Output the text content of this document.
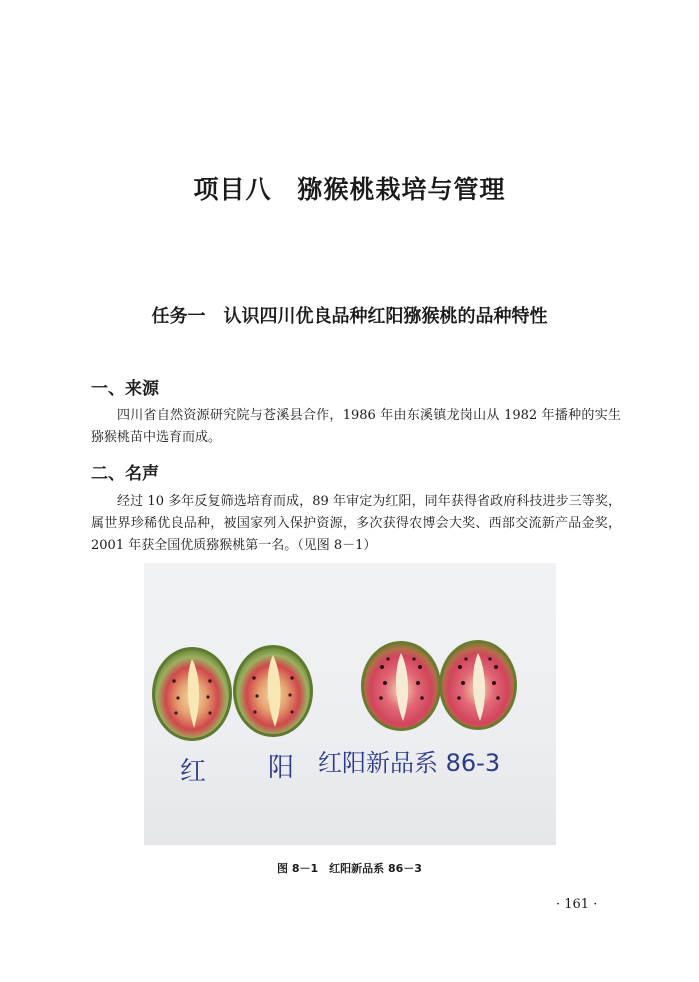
项目八　猕猴桃栽培与管理
任务一　认识四川优良品种红阳猕猴桃的品种特性
一、来源
四川省自然资源研究院与苍溪县合作，1986 年由东溪镇龙岗山从 1982 年播种的实生猕猴桃苗中选育而成。
二、名声
经过 10 多年反复筛选培育而成，89 年审定为红阳，同年获得省政府科技进步三等奖，属世界珍稀优良品种，被国家列入保护资源，多次获得农博会大奖、西部交流新产品金奖，2001 年获全国优质猕猴桃第一名。（见图 8－1）
红 阳 红阳新品系 86-3
图 8－1　红阳新品系 86－3
· 161 ·
